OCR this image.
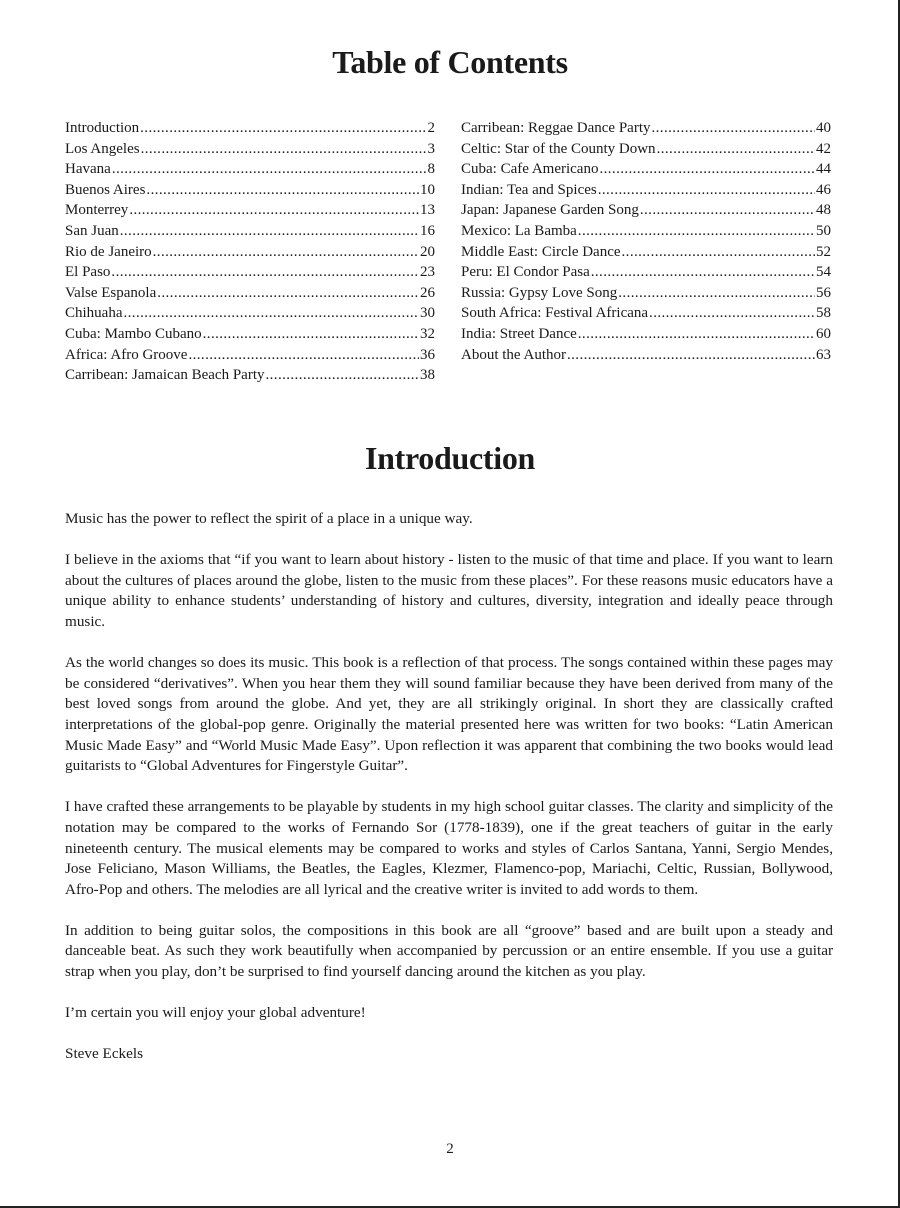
Table of Contents
Introduction .....	2
Los Angeles .....	3
Havana .....	8
Buenos Aires .....	10
Monterrey .....	13
San Juan .....	16
Rio de Janeiro .....	20
El Paso .....	23
Valse Espanola .....	26
Chihuaha .....	30
Cuba: Mambo Cubano .....	32
Africa: Afro Groove .....	36
Carribean: Jamaican Beach Party .....	38
Carribean: Reggae Dance Party .....	40
Celtic: Star of the County Down .....	42
Cuba: Cafe Americano .....	44
Indian: Tea and Spices .....	46
Japan: Japanese Garden Song .....	48
Mexico: La Bamba .....	50
Middle East: Circle Dance .....	52
Peru: El Condor Pasa .....	54
Russia: Gypsy Love Song .....	56
South Africa: Festival Africana .....	58
India: Street Dance .....	60
About the Author .....	63
Introduction

Music has the power to reflect the spirit of a place in a unique way.

I believe in the axioms that “if you want to learn about history - listen to the music of that time and place. If you want to learn about the cultures of places around the globe, listen to the music from these places”. For these reasons music educators have a unique ability to enhance students’ understanding of history and cultures, diversity, integration and ideally peace through music.

As the world changes so does its music. This book is a reflection of that process. The songs contained within these pages may be considered “derivatives”. When you hear them they will sound familiar because they have been derived from many of the best loved songs from around the globe. And yet, they are all strikingly original. In short they are classically crafted interpretations of the global-pop genre. Originally the material presented here was written for two books: “Latin American Music Made Easy” and “World Music Made Easy”. Upon reflection it was apparent that combining the two books would lead guitarists to “Global Adventures for Fingerstyle Guitar”.

I have crafted these arrangements to be playable by students in my high school guitar classes. The clarity and simplicity of the notation may be compared to the works of Fernando Sor (1778-1839), one if the great teachers of guitar in the early nineteenth century. The musical elements may be compared to works and styles of Carlos Santana, Yanni, Sergio Mendes, Jose Feliciano, Mason Williams, the Beatles, the Eagles, Klezmer, Flamenco-pop, Mariachi, Celtic, Russian, Bollywood, Afro-Pop and others. The melodies are all lyrical and the creative writer is invited to add words to them.

In addition to being guitar solos, the compositions in this book are all “groove” based and are built upon a steady and danceable beat. As such they work beautifully when accompanied by percussion or an entire ensemble. If you use a guitar strap when you play, don’t be surprised to find yourself dancing around the kitchen as you play.

I’m certain you will enjoy your global adventure!

Steve Eckels

2
